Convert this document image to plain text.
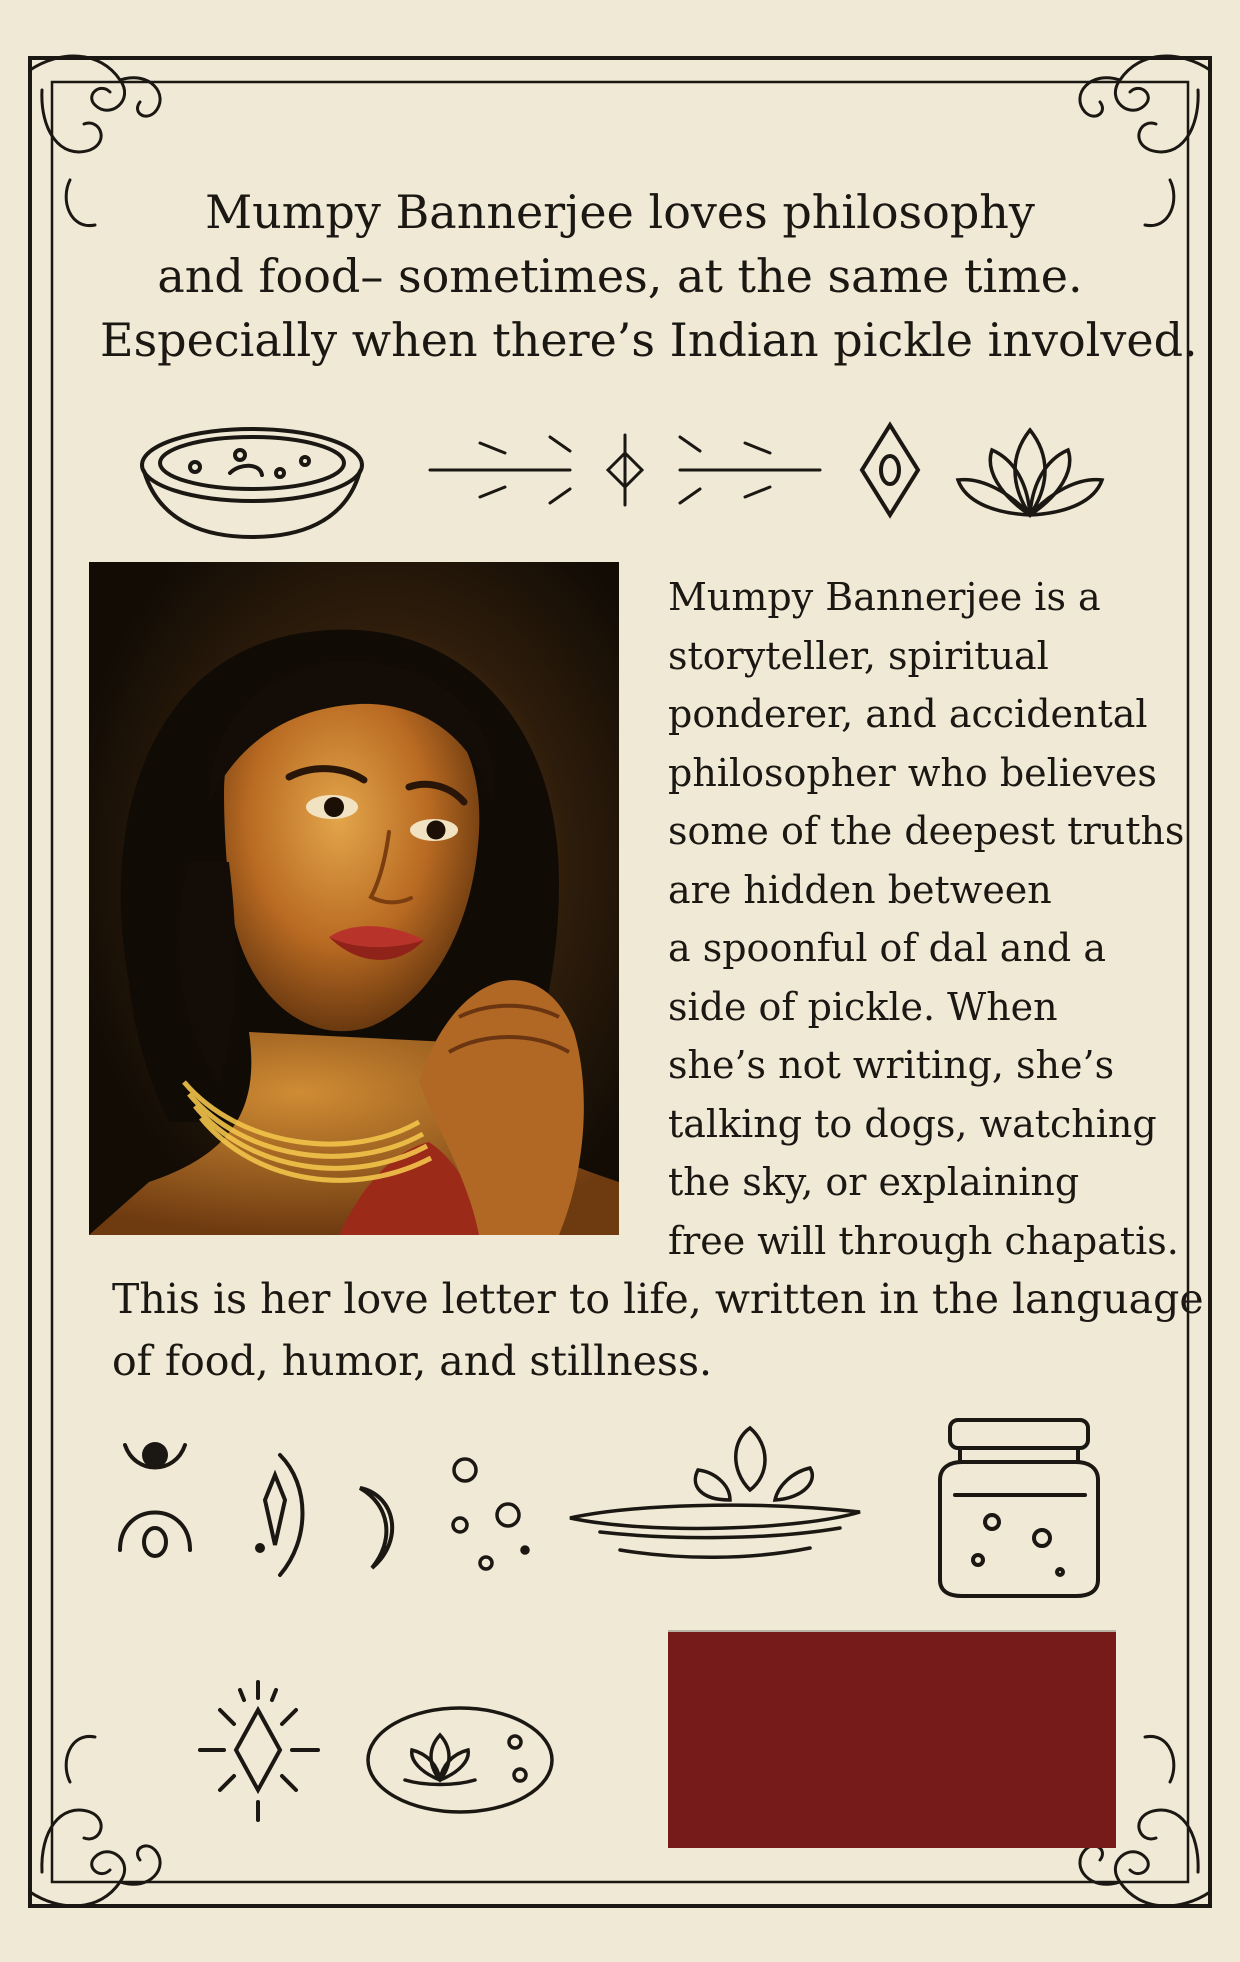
Mumpy Bannerjee loves philosophy
and food– sometimes, at the same time.
Especially when there’s Indian pickle involved.
Mumpy Bannerjee is a
storyteller, spiritual
ponderer, and accidental
philosopher who believes
some of the deepest truths
are hidden between
a spoonful of dal and a
side of pickle. When
she’s not writing, she’s
talking to dogs, watching
the sky, or explaining
free will through chapatis.
This is her love letter to life, written in the language
of food, humor, and stillness.
